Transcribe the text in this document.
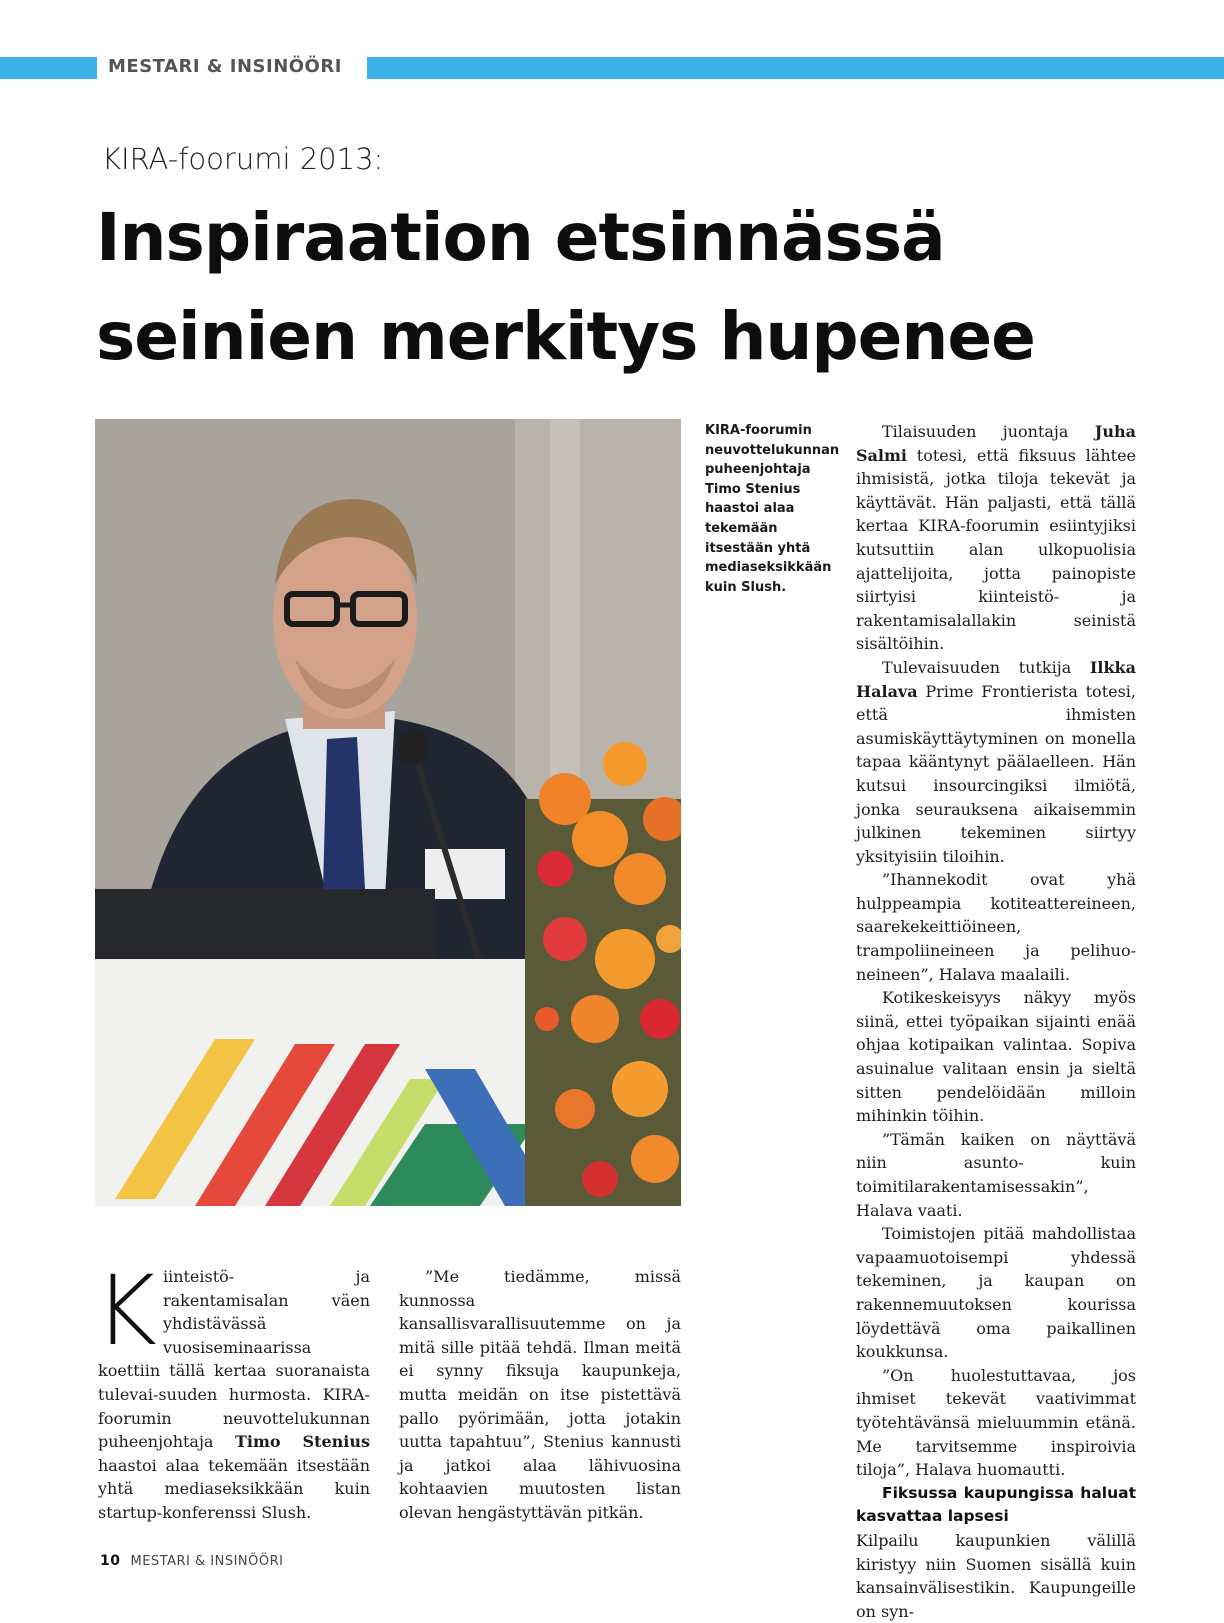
MESTARI & INSINÖÖRI
KIRA-foorumi 2013:
Inspiraation etsinnässä seinien merkitys hupenee
KIRA-foorumin neuvottelukunnan puheenjohtaja Timo Stenius haastoi alaa tekemään itsestään yhtä mediaseksikkään kuin Slush.
K iinteistö- ja rakentamisalan väen yhdistävässä vuosiseminaarissa koettiin tällä kertaa suoranaista tulevai-suuden hurmosta. KIRA-foorumin neuvottelukunnan puheenjohtaja Timo Stenius haastoi alaa tekemään itsestään yhtä mediaseksikkään kuin startup-konferenssi Slush.

”Me tiedämme, missä kunnossa kansallisvarallisuutemme on ja mitä sille pitää tehdä. Ilman meitä ei synny fiksuja kaupunkeja, mutta meidän on itse pistettävä pallo pyörimään, jotta jotakin uutta tapahtuu”, Stenius kannusti ja jatkoi alaa lähivuosina kohtaavien muutosten listan olevan hengästyttävän pitkän.

Tilaisuuden juontaja Juha Salmi totesi, että fiksuus lähtee ihmisistä, jotka tiloja tekevät ja käyttävät. Hän paljasti, että tällä kertaa KIRA-foorumin esiintyjiksi kutsuttiin alan ulkopuolisia ajattelijoita, jotta painopiste siirtyisi kiinteistö- ja rakentamisalallakin seinistä sisältöihin.

Tulevaisuuden tutkija Ilkka Halava Prime Frontierista totesi, että ihmisten asumiskäyttäytyminen on monella tapaa kääntynyt päälaelleen. Hän kutsui insourcingiksi ilmiötä, jonka seurauksena aikaisemmin julkinen tekeminen siirtyy yksityisiin tiloihin.

”Ihannekodit ovat yhä hulppeampia kotiteattereineen, saarekekeittiöineen, trampoliineineen ja pelihuo-neineen”, Halava maalaili.

Kotikeskeisyys näkyy myös siinä, ettei työpaikan sijainti enää ohjaa kotipaikan valintaa. Sopiva asuinalue valitaan ensin ja sieltä sitten pendelöidään milloin mihinkin töihin.

”Tämän kaiken on näyttävä niin asunto- kuin toimitilarakentamisessakin”, Halava vaati.

Toimistojen pitää mahdollistaa vapaamuotoisempi yhdessä tekeminen, ja kaupan on rakennemuutoksen kourissa löydettävä oma paikallinen koukkunsa.

”On huolestuttavaa, jos ihmiset tekevät vaativimmat työtehtävänsä mieluummin etänä. Me tarvitsemme inspiroivia tiloja”, Halava huomautti.

Fiksussa kaupungissa haluat kasvattaa lapsesi

Kilpailu kaupunkien välillä kiristyy niin Suomen sisällä kuin kansainvälisestikin. Kaupungeille on syn-

10 MESTARI & INSINÖÖRI
